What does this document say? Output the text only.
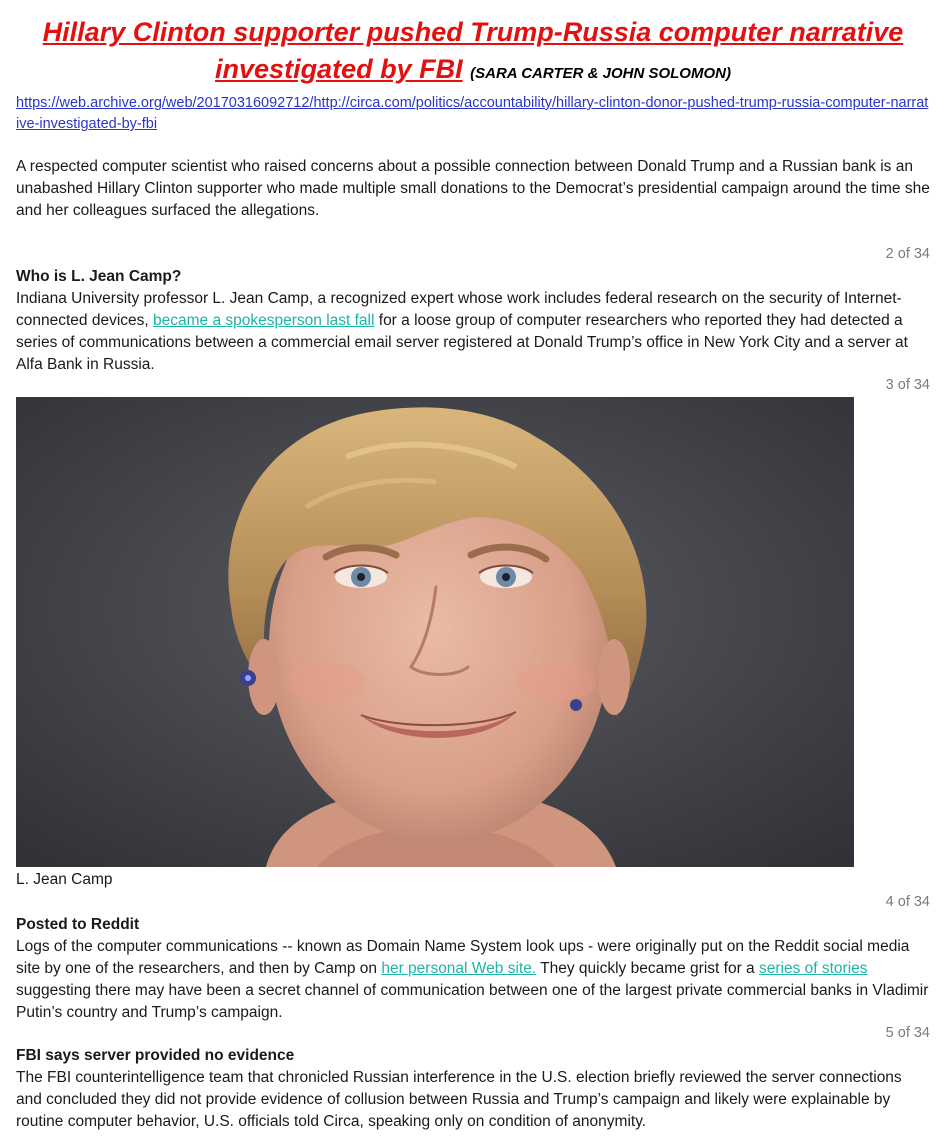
Hillary Clinton supporter pushed Trump-Russia computer narrative investigated by FBI (SARA CARTER & JOHN SOLOMON)
https://web.archive.org/web/20170316092712/http://circa.com/politics/accountability/hillary-clinton-donor-pushed-trump-russia-computer-narrative-investigated-by-fbi
A respected computer scientist who raised concerns about a possible connection between Donald Trump and a Russian bank is an unabashed Hillary Clinton supporter who made multiple small donations to the Democrat’s presidential campaign around the time she and her colleagues surfaced the allegations.
2 of 34
Who is L. Jean Camp?
Indiana University professor L. Jean Camp, a recognized expert whose work includes federal research on the security of Internet-connected devices, became a spokesperson last fall for a loose group of computer researchers who reported they had detected a series of communications between a commercial email server registered at Donald Trump’s office in New York City and a server at Alfa Bank in Russia.
3 of 34
L. Jean Camp
4 of 34
Posted to Reddit
Logs of the computer communications -- known as Domain Name System look ups - were originally put on the Reddit social media site by one of the researchers, and then by Camp on her personal Web site. They quickly became grist for a series of stories suggesting there may have been a secret channel of communication between one of the largest private commercial banks in Vladimir Putin’s country and Trump’s campaign.
5 of 34
FBI says server provided no evidence
The FBI counterintelligence team that chronicled Russian interference in the U.S. election briefly reviewed the server connections and concluded they did not provide evidence of collusion between Russia and Trump’s campaign and likely were explainable by routine computer behavior, U.S. officials told Circa, speaking only on condition of anonymity.
